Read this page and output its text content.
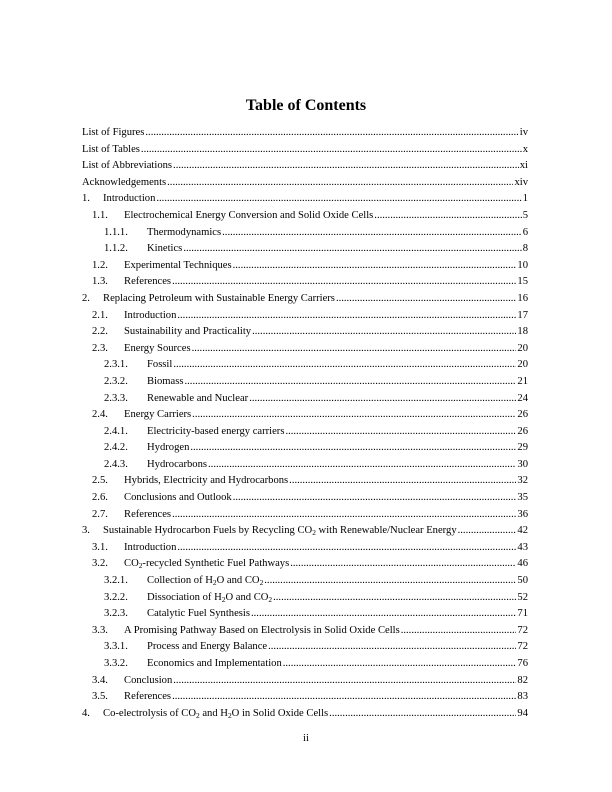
Table of Contents
List of Figures .....	iv
List of Tables .....	x
List of Abbreviations .....	xi
Acknowledgements .....	xiv
1.	Introduction .....	1
1.1.	Electrochemical Energy Conversion and Solid Oxide Cells .....	5
1.1.1.	Thermodynamics .....	6
1.1.2.	Kinetics .....	8
1.2.	Experimental Techniques .....	10
1.3.	References .....	15
2.	Replacing Petroleum with Sustainable Energy Carriers .....	16
2.1.	Introduction .....	17
2.2.	Sustainability and Practicality .....	18
2.3.	Energy Sources .....	20
2.3.1.	Fossil .....	20
2.3.2.	Biomass .....	21
2.3.3.	Renewable and Nuclear .....	24
2.4.	Energy Carriers .....	26
2.4.1.	Electricity-based energy carriers .....	26
2.4.2.	Hydrogen .....	29
2.4.3.	Hydrocarbons .....	30
2.5.	Hybrids, Electricity and Hydrocarbons .....	32
2.6.	Conclusions and Outlook .....	35
2.7.	References .....	36
3.	Sustainable Hydrocarbon Fuels by Recycling $CO_2$ with Renewable/Nuclear Energy .....	42
3.1.	Introduction .....	43
3.2.	$CO_2$-recycled Synthetic Fuel Pathways .....	46
3.2.1.	Collection of $H_2O$ and $CO_2$ .....	50
3.2.2.	Dissociation of $H_2O$ and $CO_2$ .....	52
3.2.3.	Catalytic Fuel Synthesis .....	71
3.3.	A Promising Pathway Based on Electrolysis in Solid Oxide Cells .....	72
3.3.1.	Process and Energy Balance .....	72
3.3.2.	Economics and Implementation .....	76
3.4.	Conclusion .....	82
3.5.	References .....	83
4.	Co-electrolysis of $CO_2$ and $H_2O$ in Solid Oxide Cells .....	94
ii
